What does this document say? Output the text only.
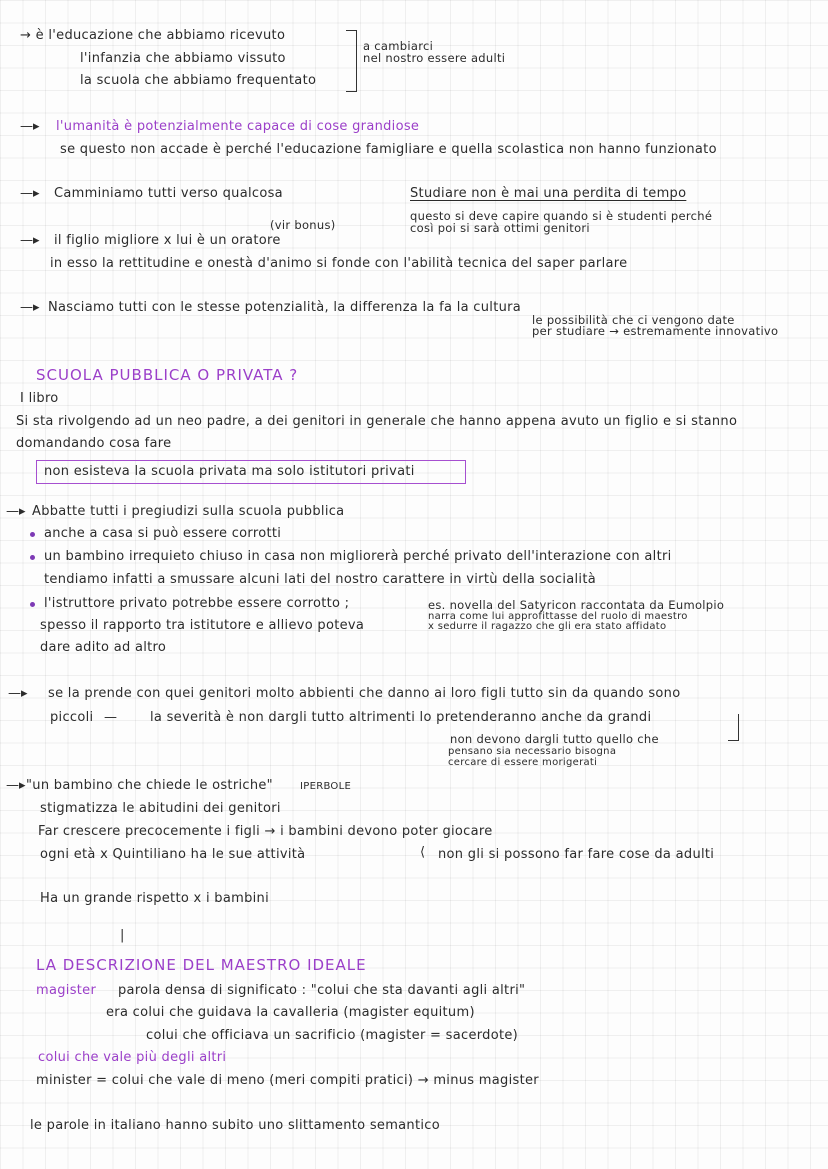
→ è l'educazione che abbiamo ricevuto
l'infanzia che abbiamo vissuto
la scuola che abbiamo frequentato
a cambiarci
nel nostro essere adulti
—▸ l'umanità è potenzialmente capace di cose grandiose
se questo non accade è perché l'educazione famigliare e quella scolastica non hanno funzionato
—▸ Camminiamo tutti verso qualcosa	Studiare non è mai una perdita di tempo
questo si deve capire quando si è studenti perché
così poi si sarà ottimi genitori
(vir bonus)
—▸ il figlio migliore x lui è un oratore
in esso la rettitudine e onestà d'animo si fonde con l'abilità tecnica del saper parlare
—▸ Nasciamo tutti con le stesse potenzialità, la differenza la fa la cultura
le possibilità che ci vengono date
per studiare → estremamente innovativo
SCUOLA PUBBLICA O PRIVATA ?
I libro
Si sta rivolgendo ad un neo padre, a dei genitori in generale che hanno appena avuto un figlio e si stanno
domandando cosa fare
non esisteva la scuola privata ma solo istitutori privati
—▸ Abbatte tutti i pregiudizi sulla scuola pubblica
anche a casa si può essere corrotti
un bambino irrequieto chiuso in casa non migliorerà perché privato dell'interazione con altri
tendiamo infatti a smussare alcuni lati del nostro carattere in virtù della socialità
l'istruttore privato potrebbe essere corrotto ;
spesso il rapporto tra istitutore e allievo poteva
dare adito ad altro
es. novella del Satyricon raccontata da Eumolpio
narra come lui approfittasse del ruolo di maestro
x sedurre il ragazzo che gli era stato affidato
—▸ se la prende con quei genitori molto abbienti che danno ai loro figli tutto sin da quando sono
piccoli —	la severità è non dargli tutto altrimenti lo pretenderanno anche da grandi
non devono dargli tutto quello che
pensano sia necessario bisogna
cercare di essere morigerati
—▸ "un bambino che chiede le ostriche"	IPERBOLE
stigmatizza le abitudini dei genitori
Far crescere precocemente i figli → i bambini devono poter giocare
ogni età x Quintiliano ha le sue attività	⟨ non gli si possono far fare cose da adulti
Ha un grande rispetto x i bambini
|
LA DESCRIZIONE DEL MAESTRO IDEALE
magister parola densa di significato : "colui che sta davanti agli altri"
era colui che guidava la cavalleria (magister equitum)
colui che officiava un sacrificio (magister = sacerdote)
colui che vale più degli altri
minister = colui che vale di meno (meri compiti pratici) → minus magister
le parole in italiano hanno subito uno slittamento semantico
